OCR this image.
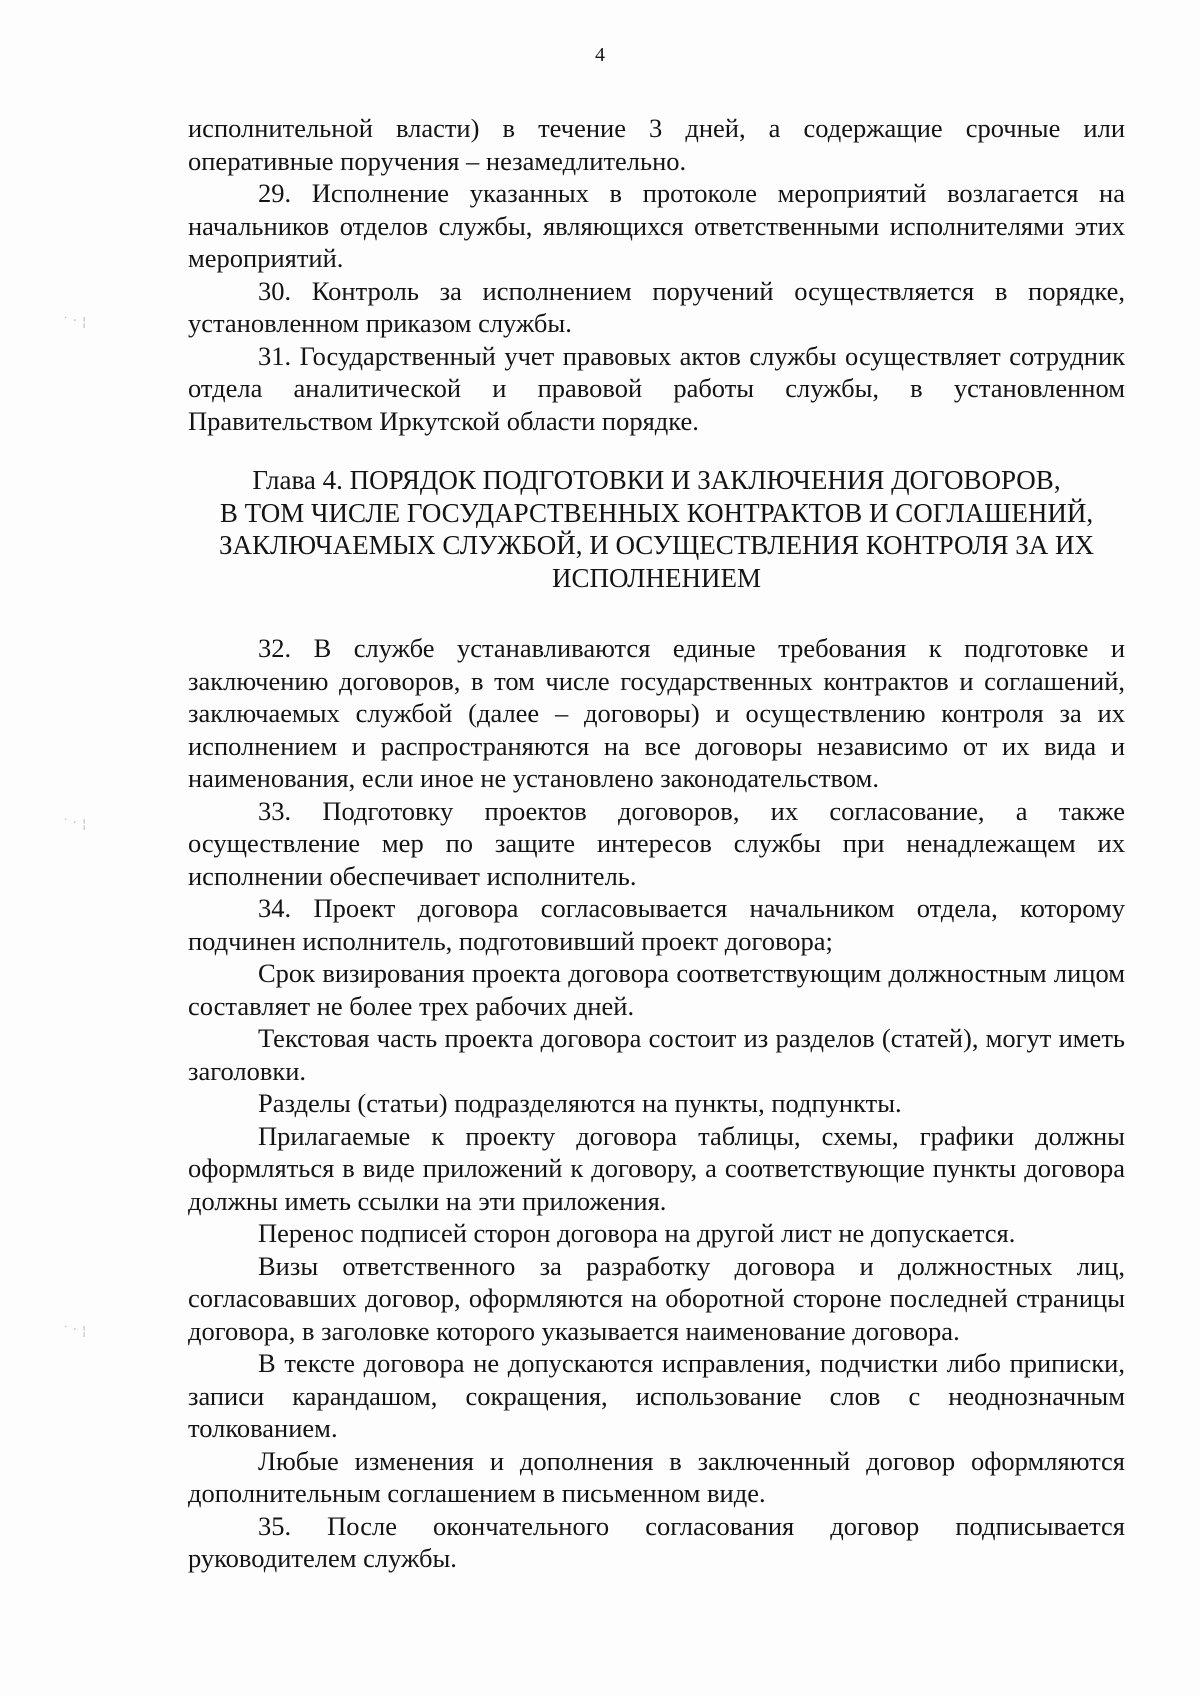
4
˙ˑ¦
˙ˑ¦
˙ˑ¦

исполнительной власти) в течение 3 дней, а содержащие срочные или оперативные поручения – незамедлительно.

29. Исполнение указанных в протоколе мероприятий возлагается на начальников отделов службы, являющихся ответственными исполнителями этих мероприятий.

30. Контроль за исполнением поручений осуществляется в порядке, установленном приказом службы.

31. Государственный учет правовых актов службы осуществляет сотрудник отдела аналитической и правовой работы службы, в установленном Правительством Иркутской области порядке.

Глава 4. ПОРЯДОК ПОДГОТОВКИ И ЗАКЛЮЧЕНИЯ ДОГОВОРОВ,
В ТОМ ЧИСЛЕ ГОСУДАРСТВЕННЫХ КОНТРАКТОВ И СОГЛАШЕНИЙ,
ЗАКЛЮЧАЕМЫХ СЛУЖБОЙ, И ОСУЩЕСТВЛЕНИЯ КОНТРОЛЯ ЗА ИХ
ИСПОЛНЕНИЕМ

32. В службе устанавливаются единые требования к подготовке и заключению договоров, в том числе государственных контрактов и соглашений, заключаемых службой (далее – договоры) и осуществлению контроля за их исполнением и распространяются на все договоры независимо от их вида и наименования, если иное не установлено законодательством.

33. Подготовку проектов договоров, их согласование, а также осуществление мер по защите интересов службы при ненадлежащем их исполнении обеспечивает исполнитель.

34. Проект договора согласовывается начальником отдела, которому подчинен исполнитель, подготовивший проект договора;

Срок визирования проекта договора соответствующим должностным лицом составляет не более трех рабочих дней.

Текстовая часть проекта договора состоит из разделов (статей), могут иметь заголовки.

Разделы (статьи) подразделяются на пункты, подпункты.

Прилагаемые к проекту договора таблицы, схемы, графики должны оформляться в виде приложений к договору, а соответствующие пункты договора должны иметь ссылки на эти приложения.

Перенос подписей сторон договора на другой лист не допускается.

Визы ответственного за разработку договора и должностных лиц, согласовавших договор, оформляются на оборотной стороне последней страницы договора, в заголовке которого указывается наименование договора.

В тексте договора не допускаются исправления, подчистки либо приписки, записи карандашом, сокращения, использование слов с неоднозначным толкованием.

Любые изменения и дополнения в заключенный договор оформляются дополнительным соглашением в письменном виде.

35. После окончательного согласования договор подписывается руководителем службы.
